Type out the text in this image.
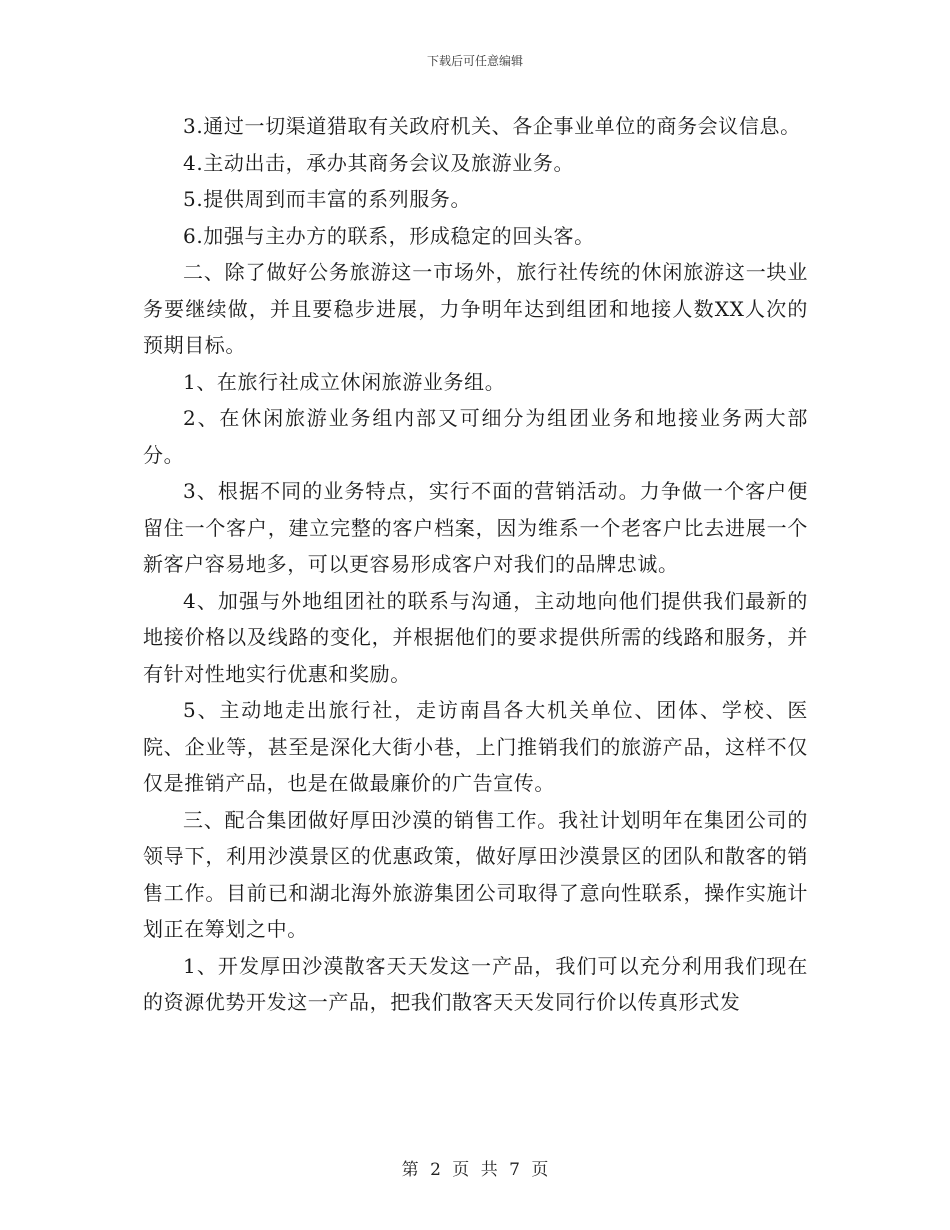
下载后可任意编辑

3.通过一切渠道猎取有关政府机关、各企事业单位的商务会议信息。

4.主动出击，承办其商务会议及旅游业务。

5.提供周到而丰富的系列服务。

6.加强与主办方的联系，形成稳定的回头客。

二、除了做好公务旅游这一市场外，旅行社传统的休闲旅游这一块业务要继续做，并且要稳步进展，力争明年达到组团和地接人数XX人次的预期目标。

1、在旅行社成立休闲旅游业务组。

2、在休闲旅游业务组内部又可细分为组团业务和地接业务两大部分。

3、根据不同的业务特点，实行不面的营销活动。力争做一个客户便留住一个客户，建立完整的客户档案，因为维系一个老客户比去进展一个新客户容易地多，可以更容易形成客户对我们的品牌忠诚。

4、加强与外地组团社的联系与沟通，主动地向他们提供我们最新的地接价格以及线路的变化，并根据他们的要求提供所需的线路和服务，并有针对性地实行优惠和奖励。

5、主动地走出旅行社，走访南昌各大机关单位、团体、学校、医院、企业等，甚至是深化大街小巷，上门推销我们的旅游产品，这样不仅仅是推销产品，也是在做最廉价的广告宣传。

三、配合集团做好厚田沙漠的销售工作。我社计划明年在集团公司的领导下，利用沙漠景区的优惠政策，做好厚田沙漠景区的团队和散客的销售工作。目前已和湖北海外旅游集团公司取得了意向性联系，操作实施计划正在筹划之中。

1、开发厚田沙漠散客天天发这一产品，我们可以充分利用我们现在的资源优势开发这一产品，把我们散客天天发同行价以传真形式发

第 2 页 共 7 页
